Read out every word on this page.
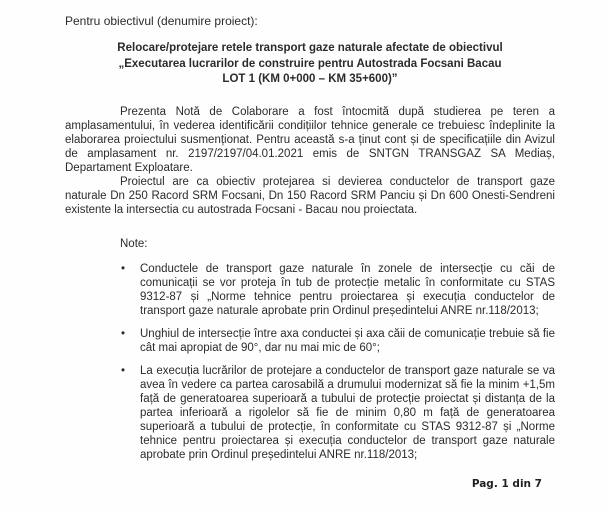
Pentru obiectivul (denumire proiect):
Relocare/protejare retele transport gaze naturale afectate de obiectivul
„Executarea lucrarilor de construire pentru Autostrada Focsani Bacau
LOT 1 (KM 0+000 – KM 35+600)”

Prezenta Notă de Colaborare a fost întocmită după studierea pe teren a amplasamentului, în vederea identificării condițiilor tehnice generale ce trebuiesc îndeplinite la elaborarea proiectului susmenționat. Pentru această s-a ținut cont și de specificațiile din Avizul de amplasament nr. 2197/2197/04.01.2021 emis de SNTGN TRANSGAZ SA Mediaș, Departament Exploatare.

Proiectul are ca obiectiv protejarea si devierea conductelor de transport gaze naturale Dn 250 Racord SRM Focsani, Dn 150 Racord SRM Panciu și Dn 600 Onesti-Sendreni existente la intersectia cu autostrada Focsani - Bacau nou proiectata.

Note:
• Conductele de transport gaze naturale în zonele de intersecție cu căi de comunicații se vor proteja în tub de protecție metalic în conformitate cu STAS 9312-87 și „Norme tehnice pentru proiectarea și execuția conductelor de transport gaze naturale aprobate prin Ordinul președintelui ANRE nr.118/2013;
• Unghiul de intersecție între axa conductei și axa căii de comunicație trebuie să fie cât mai apropiat de 90°, dar nu mai mic de 60°;
• La execuția lucrărilor de protejare a conductelor de transport gaze naturale se va avea în vedere ca partea carosabilă a drumului modernizat să fie la minim +1,5m față de generatoarea superioară a tubului de protecție proiectat și distanța de la partea inferioară a rigolelor să fie de minim 0,80 m față de generatoarea superioară a tubului de protecție, în conformitate cu STAS 9312-87 și „Norme tehnice pentru proiectarea și execuția conductelor de transport gaze naturale aprobate prin Ordinul președintelui ANRE nr.118/2013;
Pag. 1 din 7
